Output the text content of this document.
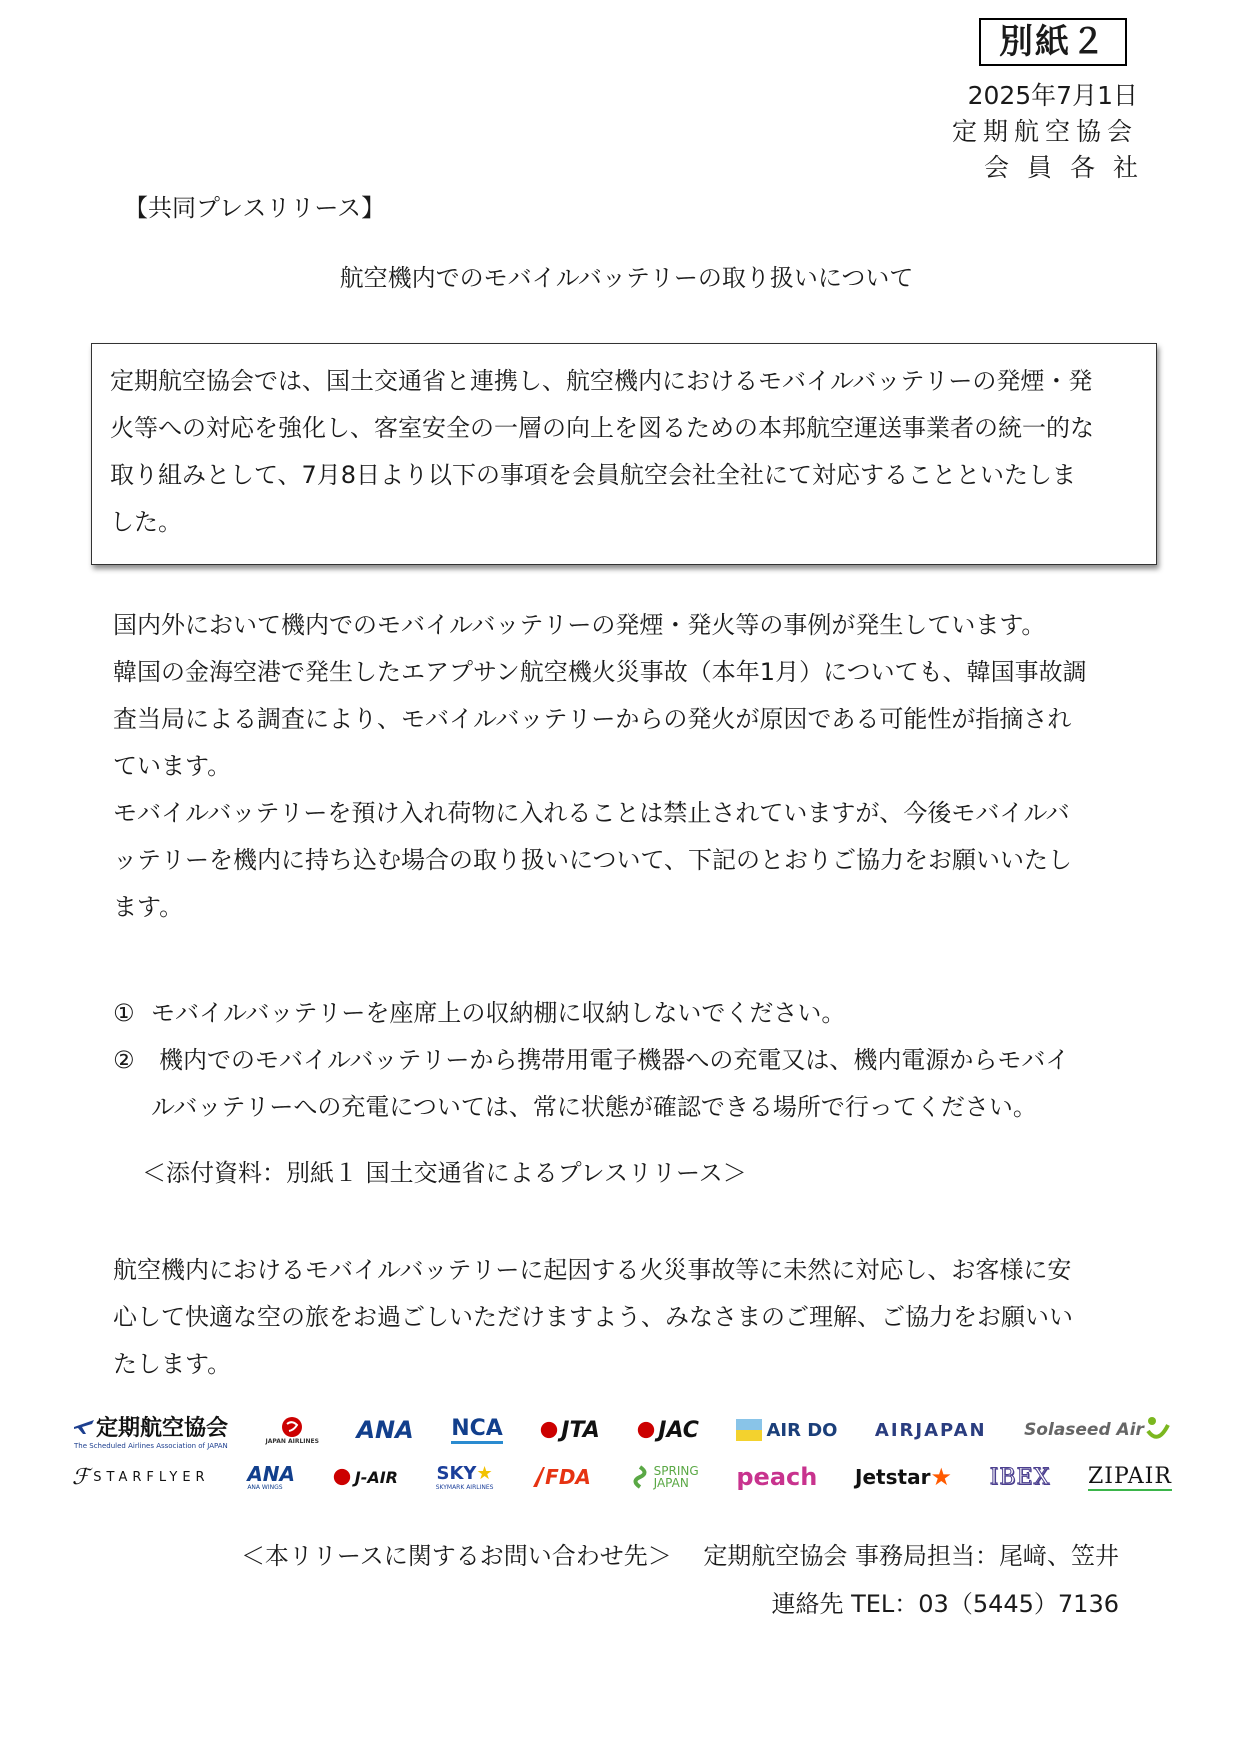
別紙２
2025年7月1日
定期航空協会
会員各社
【共同プレスリリース】
航空機内でのモバイルバッテリーの取り扱いについて
定期航空協会では、国土交通省と連携し、航空機内におけるモバイルバッテリーの発煙・発
火等への対応を強化し、客室安全の一層の向上を図るための本邦航空運送事業者の統一的な
取り組みとして、7月8日より以下の事項を会員航空会社全社にて対応することといたしま
した。
国内外において機内でのモバイルバッテリーの発煙・発火等の事例が発生しています。
韓国の金海空港で発生したエアプサン航空機火災事故（本年1月）についても、韓国事故調
査当局による調査により、モバイルバッテリーからの発火が原因である可能性が指摘され
ています。
モバイルバッテリーを預け入れ荷物に入れることは禁止されていますが、今後モバイルバ
ッテリーを機内に持ち込む場合の取り扱いについて、下記のとおりご協力をお願いいたし
ます。
① モバイルバッテリーを座席上の収納棚に収納しないでください。
②	機内でのモバイルバッテリーから携帯用電子機器への充電又は、機内電源からモバイ
ルバッテリーへの充電については、常に状態が確認できる場所で行ってください。
＜添付資料：別紙１ 国土交通省によるプレスリリース＞
航空機内におけるモバイルバッテリーに起因する火災事故等に未然に対応し、お客様に安
心して快適な空の旅をお過ごしいただけますよう、みなさまのご理解、ご協力をお願いい
たします。
定期航空協会
The Scheduled Airlines Association of JAPAN
JAPAN AIRLINES ANA NCA	JTA	JAC	AIR DO AIRJAPAN Solaseed Air
ℱ STARFLYER ANA
ANA WINGS
J-AIR SKY★
SKYMARK AIRLINES	FDA	SPRING
JAPAN	peach Jetstar ★ IBEX ZIPAIR
＜本リリースに関するお問い合わせ先＞　 定期航空協会 事務局担当：尾﨑、笠井
連絡先 TEL：03（5445）7136
